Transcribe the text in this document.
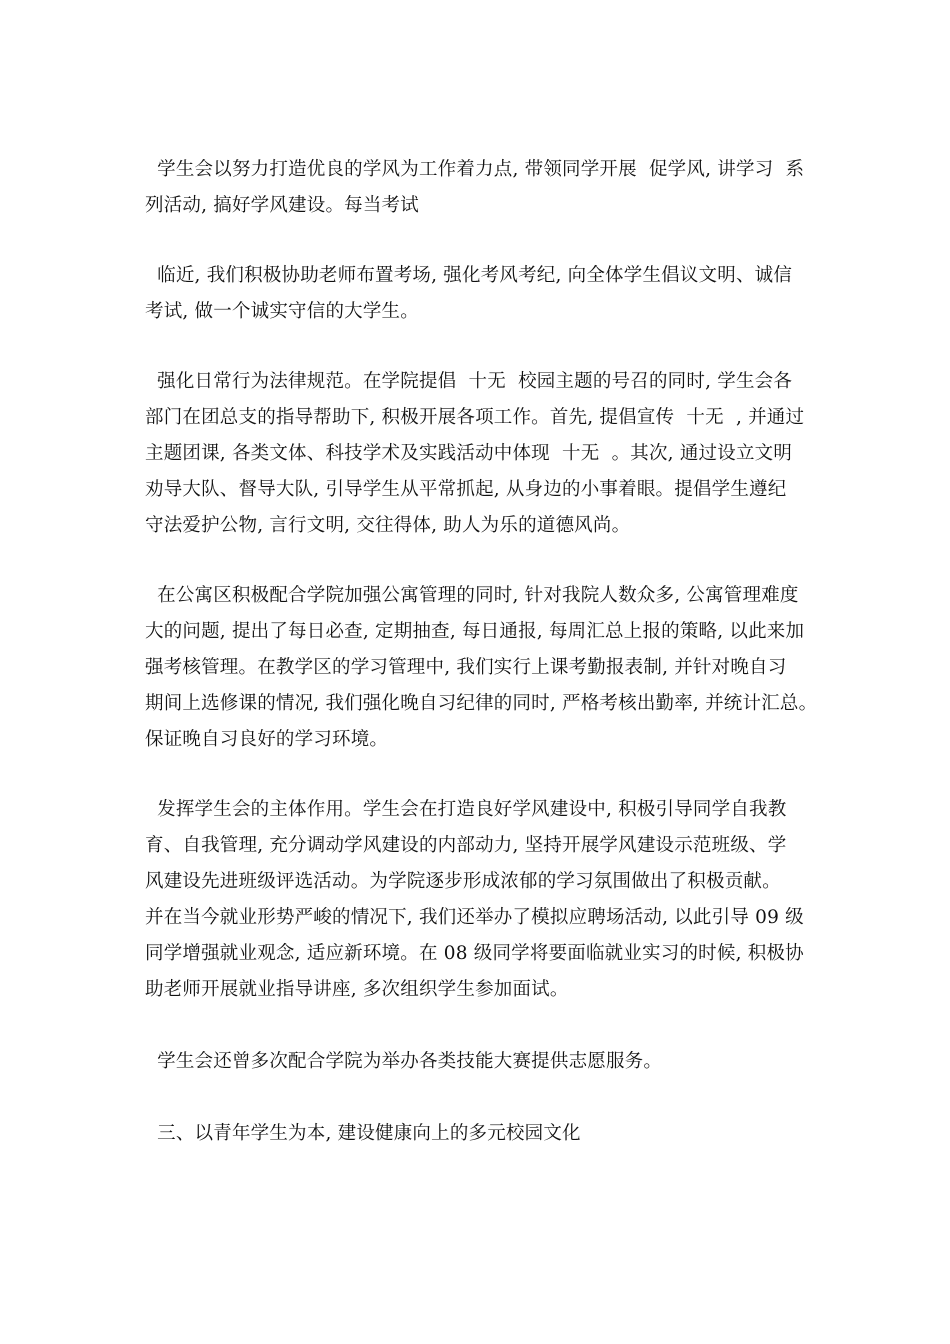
学生会以努力打造优良的学风为工作着力点, 带领同学开展  促学风, 讲学习  系
列活动, 搞好学风建设。每当考试
临近, 我们积极协助老师布置考场, 强化考风考纪, 向全体学生倡议文明、诚信
考试, 做一个诚实守信的大学生。
强化日常行为法律规范。在学院提倡  十无  校园主题的号召的同时, 学生会各
部门在团总支的指导帮助下, 积极开展各项工作。首先, 提倡宣传  十无  , 并通过
主题团课, 各类文体、科技学术及实践活动中体现  十无  。其次, 通过设立文明
劝导大队、督导大队, 引导学生从平常抓起, 从身边的小事着眼。提倡学生遵纪
守法爱护公物, 言行文明, 交往得体, 助人为乐的道德风尚。
在公寓区积极配合学院加强公寓管理的同时, 针对我院人数众多, 公寓管理难度
大的问题, 提出了每日必查, 定期抽查, 每日通报, 每周汇总上报的策略, 以此来加
强考核管理。在教学区的学习管理中, 我们实行上课考勤报表制, 并针对晚自习
期间上选修课的情况, 我们强化晚自习纪律的同时, 严格考核出勤率, 并统计汇总。
保证晚自习良好的学习环境。
发挥学生会的主体作用。学生会在打造良好学风建设中, 积极引导同学自我教
育、自我管理, 充分调动学风建设的内部动力, 坚持开展学风建设示范班级、学
风建设先进班级评选活动。为学院逐步形成浓郁的学习氛围做出了积极贡献。
并在当今就业形势严峻的情况下, 我们还举办了模拟应聘场活动, 以此引导 09 级
同学增强就业观念, 适应新环境。在 08 级同学将要面临就业实习的时候, 积极协
助老师开展就业指导讲座, 多次组织学生参加面试。
学生会还曾多次配合学院为举办各类技能大赛提供志愿服务。
三、以青年学生为本, 建设健康向上的多元校园文化
